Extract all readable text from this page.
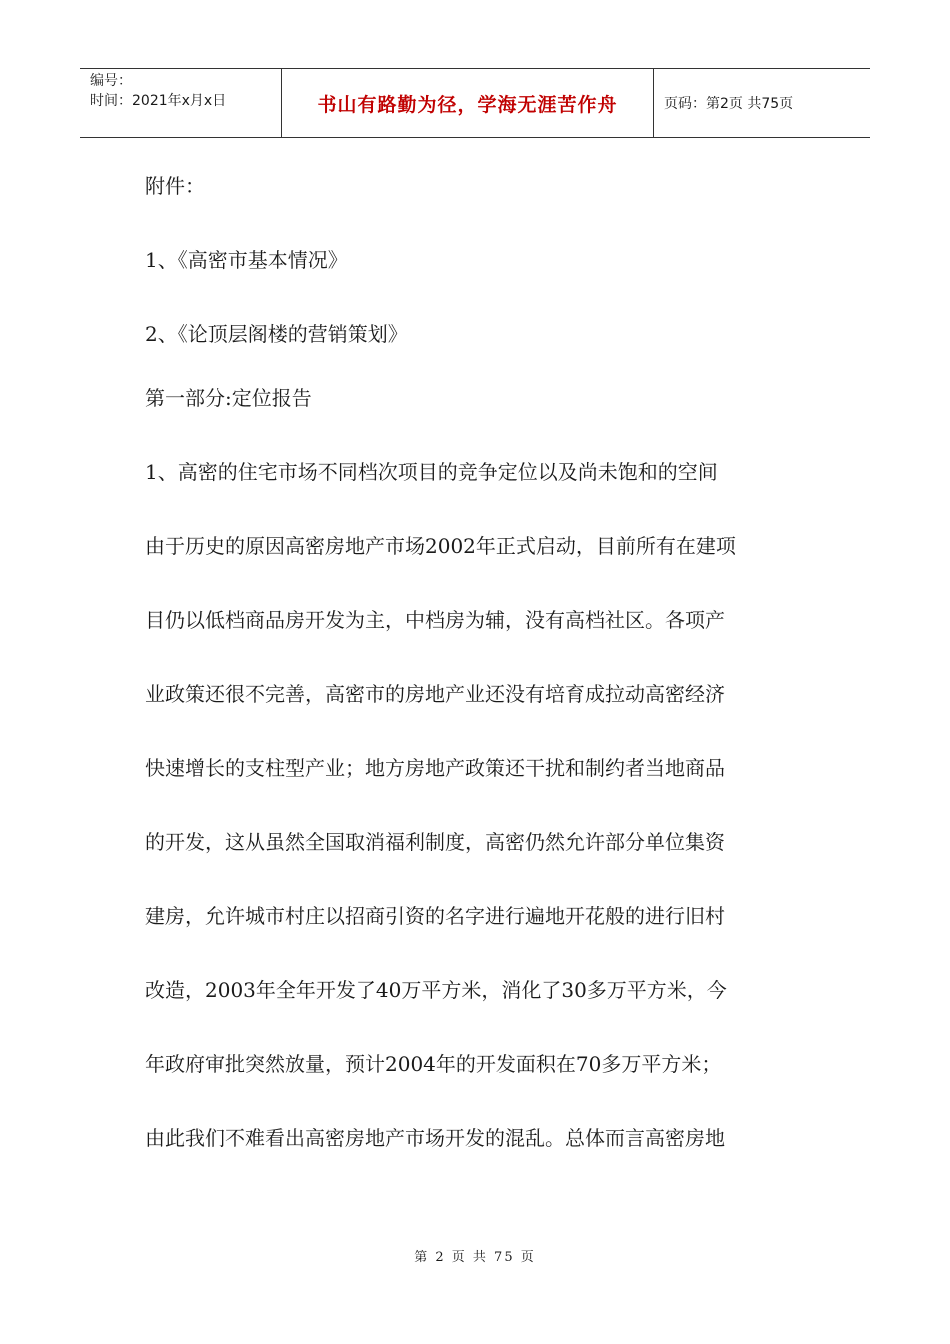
编号：
时间：2021年x月x日	书山有路勤为径，学海无涯苦作舟	页码：第2页 共75页
附件：
1、《高密市基本情况》
2、《论顶层阁楼的营销策划》
第一部分:定位报告
1、高密的住宅市场不同档次项目的竞争定位以及尚未饱和的空间
由于历史的原因高密房地产市场2002年正式启动，目前所有在建项
目仍以低档商品房开发为主，中档房为辅，没有高档社区。各项产
业政策还很不完善，高密市的房地产业还没有培育成拉动高密经济
快速增长的支柱型产业；地方房地产政策还干扰和制约者当地商品
的开发，这从虽然全国取消福利制度，高密仍然允许部分单位集资
建房，允许城市村庄以招商引资的名字进行遍地开花般的进行旧村
改造，2003年全年开发了40万平方米，消化了30多万平方米，今
年政府审批突然放量，预计2004年的开发面积在70多万平方米；
由此我们不难看出高密房地产市场开发的混乱。总体而言高密房地
第 2 页 共 75 页
